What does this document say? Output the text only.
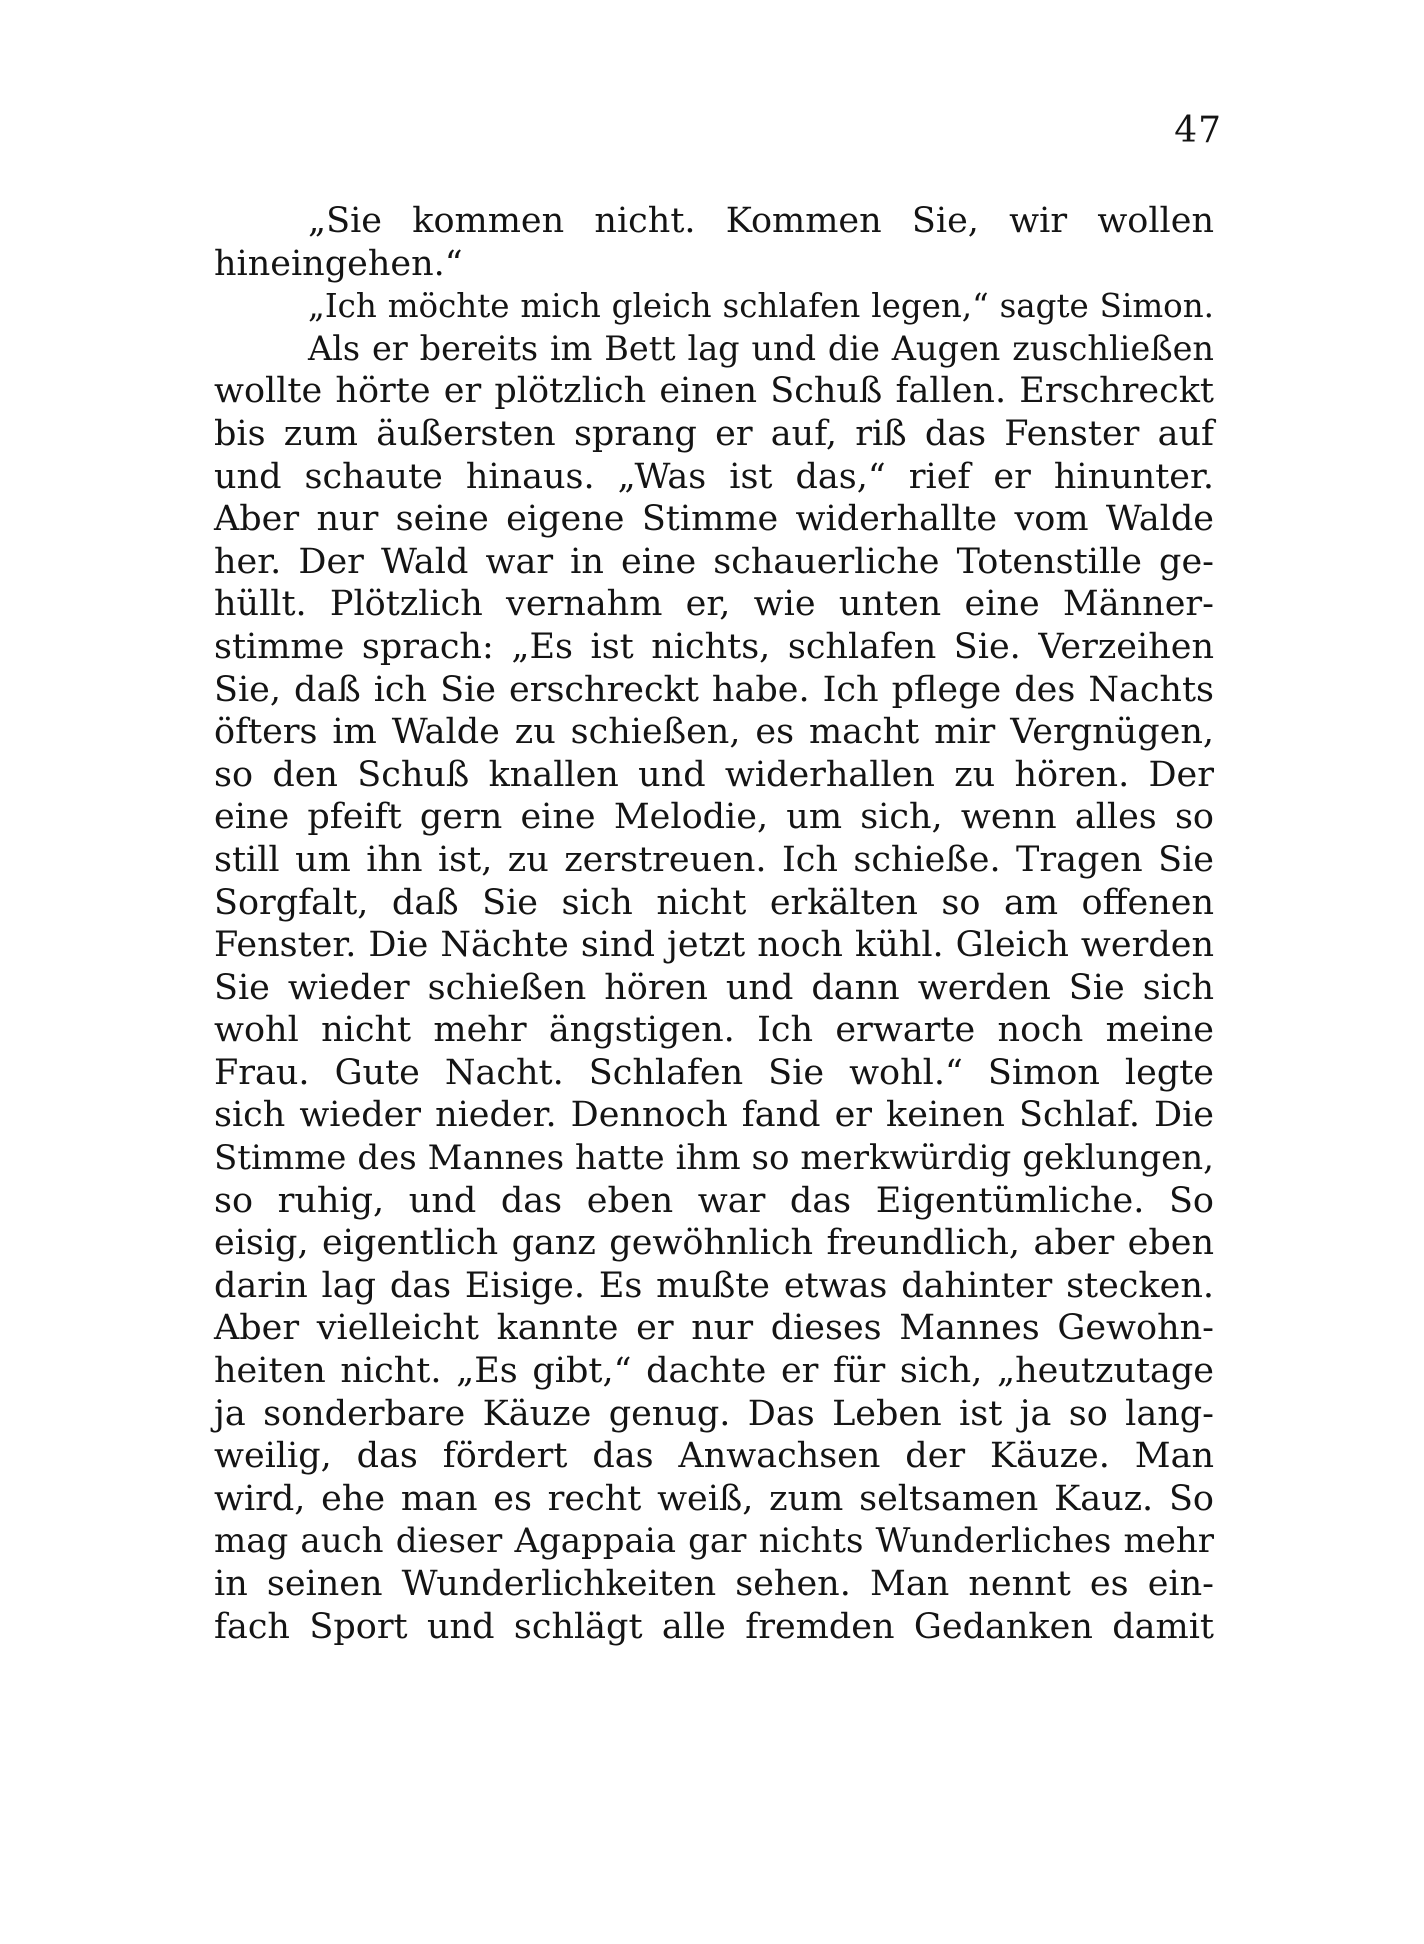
47
„Sie kommen nicht. Kommen Sie, wir wollen
hineingehen.“
„Ich möchte mich gleich schlafen legen,“ sagte Simon.
Als er bereits im Bett lag und die Augen zuschließen
wollte hörte er plötzlich einen Schuß fallen. Erschreckt
bis zum äußersten sprang er auf, riß das Fenster auf
und schaute hinaus. „Was ist das,“ rief er hinunter.
Aber nur seine eigene Stimme widerhallte vom Walde
her. Der Wald war in eine schauerliche Totenstille ge-
hüllt. Plötzlich vernahm er, wie unten eine Männer-
stimme sprach: „Es ist nichts, schlafen Sie. Verzeihen
Sie, daß ich Sie erschreckt habe. Ich pflege des Nachts
öfters im Walde zu schießen, es macht mir Vergnügen,
so den Schuß knallen und widerhallen zu hören. Der
eine pfeift gern eine Melodie, um sich, wenn alles so
still um ihn ist, zu zerstreuen. Ich schieße. Tragen Sie
Sorgfalt, daß Sie sich nicht erkälten so am offenen
Fenster. Die Nächte sind jetzt noch kühl. Gleich werden
Sie wieder schießen hören und dann werden Sie sich
wohl nicht mehr ängstigen. Ich erwarte noch meine
Frau. Gute Nacht. Schlafen Sie wohl.“ Simon legte
sich wieder nieder. Dennoch fand er keinen Schlaf. Die
Stimme des Mannes hatte ihm so merkwürdig geklungen,
so ruhig, und das eben war das Eigentümliche. So
eisig, eigentlich ganz gewöhnlich freundlich, aber eben
darin lag das Eisige. Es mußte etwas dahinter stecken.
Aber vielleicht kannte er nur dieses Mannes Gewohn-
heiten nicht. „Es gibt,“ dachte er für sich, „heutzutage
ja sonderbare Käuze genug. Das Leben ist ja so lang-
weilig, das fördert das Anwachsen der Käuze. Man
wird, ehe man es recht weiß, zum seltsamen Kauz. So
mag auch dieser Agappaia gar nichts Wunderliches mehr
in seinen Wunderlichkeiten sehen. Man nennt es ein-
fach Sport und schlägt alle fremden Gedanken damit
